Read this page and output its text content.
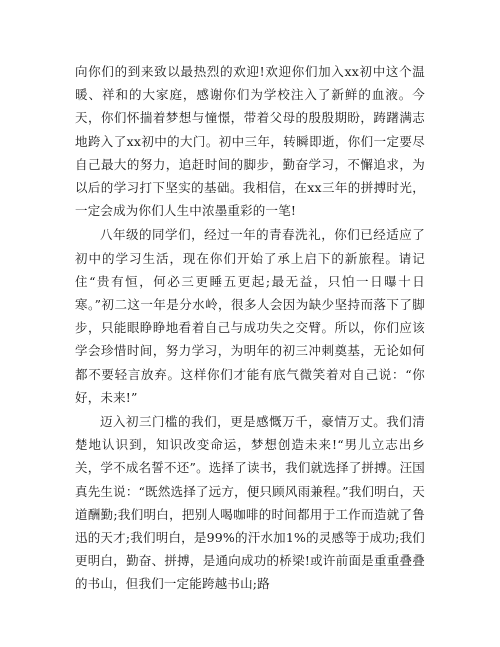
向你们的到来致以最热烈的欢迎!欢迎你们加入xx初中这个温暖、祥和的大家庭，感谢你们为学校注入了新鲜的血液。今天，你们怀揣着梦想与憧憬，带着父母的殷殷期盼，踌躇满志地跨入了xx初中的大门。初中三年，转瞬即逝，你们一定要尽自己最大的努力，追赶时间的脚步，勤奋学习，不懈追求，为以后的学习打下坚实的基础。我相信，在xx三年的拼搏时光，一定会成为你们人生中浓墨重彩的一笔!

八年级的同学们，经过一年的青春洗礼，你们已经适应了初中的学习生活，现在你们开始了承上启下的新旅程。请记住“贵有恒，何必三更睡五更起;最无益，只怕一日曝十日寒。”初二这一年是分水岭，很多人会因为缺少坚持而落下了脚步，只能眼睁睁地看着自己与成功失之交臂。所以，你们应该学会珍惜时间，努力学习，为明年的初三冲刺奠基，无论如何都不要轻言放弃。这样你们才能有底气微笑着对自己说：“你好，未来!”

迈入初三门槛的我们，更是感慨万千，豪情万丈。我们清楚地认识到，知识改变命运，梦想创造未来!“男儿立志出乡关，学不成名誓不还”。选择了读书，我们就选择了拼搏。汪国真先生说：“既然选择了远方，便只顾风雨兼程。”我们明白，天道酬勤;我们明白，把别人喝咖啡的时间都用于工作而造就了鲁迅的天才;我们明白，是99%的汗水加1%的灵感等于成功;我们更明白，勤奋、拼搏，是通向成功的桥梁!或许前面是重重叠叠的书山，但我们一定能跨越书山;路
